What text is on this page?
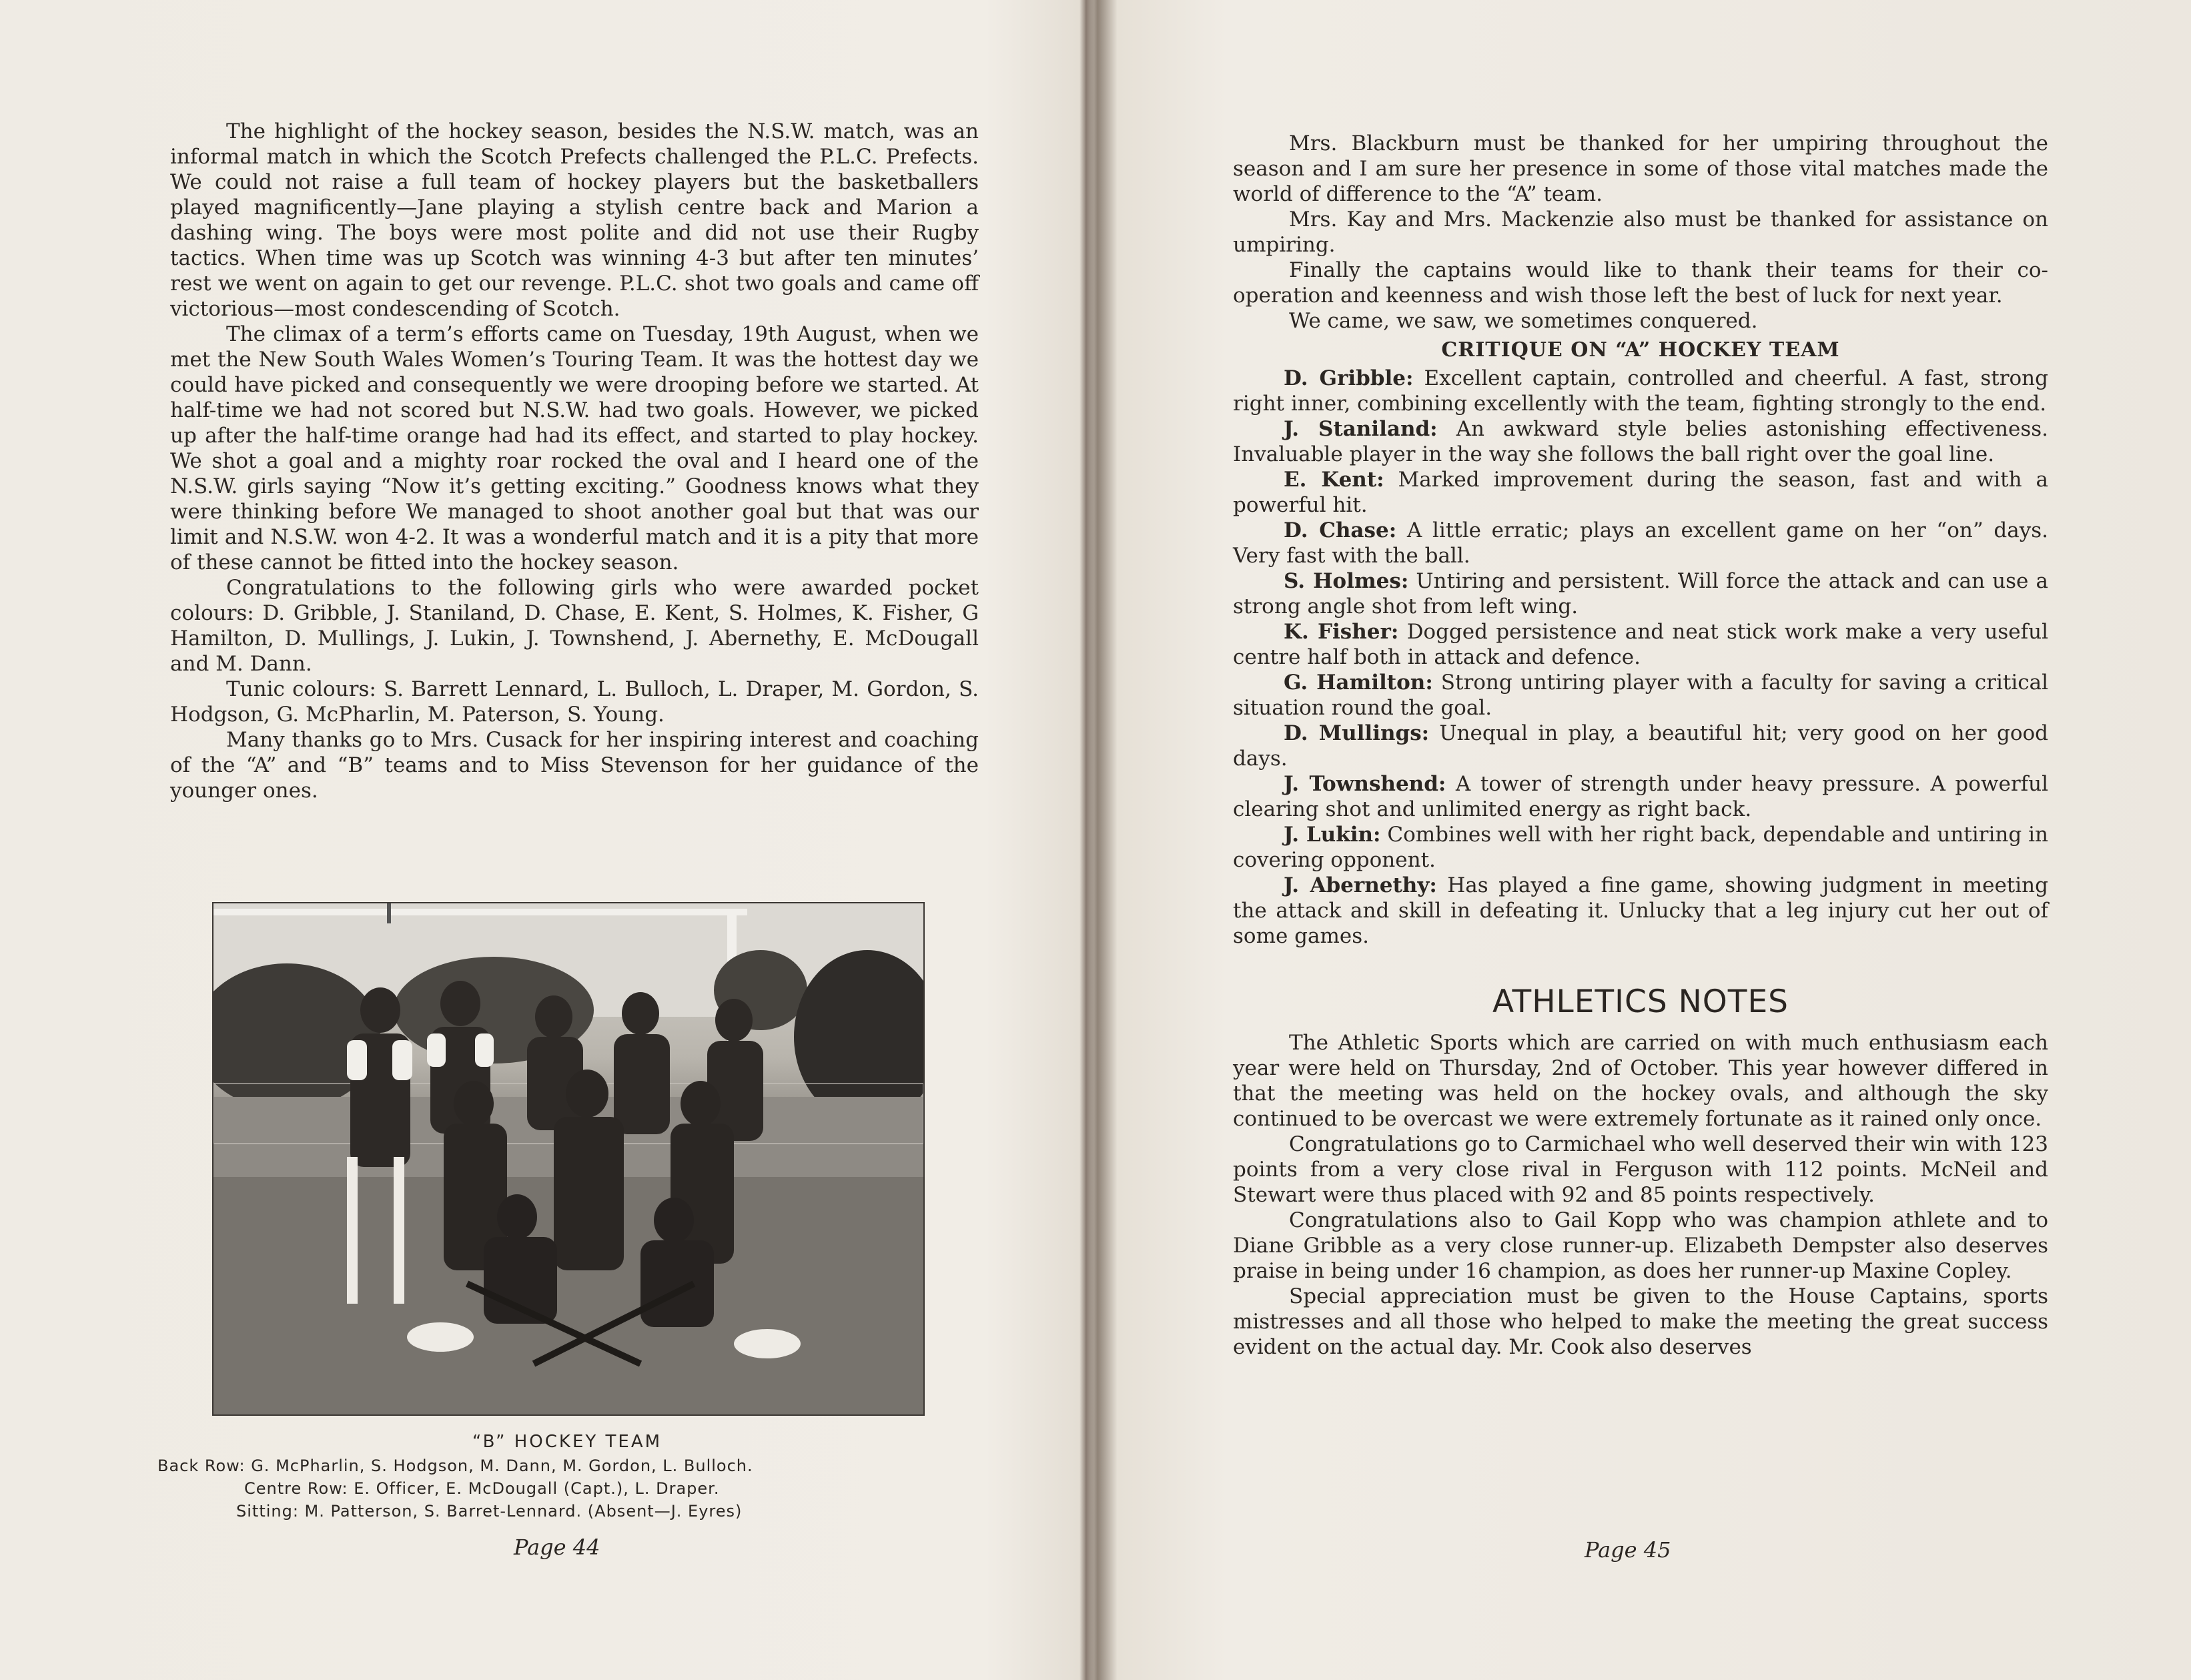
The highlight of the hockey season, besides the N.S.W. match, was an informal match in which the Scotch Prefects challenged the P.L.C. Prefects. We could not raise a full team of hockey players but the basketballers played magnificently—Jane playing a stylish centre back and Marion a dashing wing. The boys were most polite and did not use their Rugby tactics. When time was up Scotch was winning 4-3 but after ten minutes’ rest we went on again to get our revenge. P.L.C. shot two goals and came off victorious—most condescending of Scotch.

The climax of a term’s efforts came on Tuesday, 19th August, when we met the New South Wales Women’s Touring Team. It was the hottest day we could have picked and consequently we were drooping before we started. At half-time we had not scored but N.S.W. had two goals. However, we picked up after the half-time orange had had its effect, and started to play hockey. We shot a goal and a mighty roar rocked the oval and I heard one of the N.S.W. girls saying “Now it’s getting exciting.” Goodness knows what they were thinking before We managed to shoot another goal but that was our limit and N.S.W. won 4-2. It was a wonderful match and it is a pity that more of these cannot be fitted into the hockey season.

Congratulations to the following girls who were awarded pocket colours: D. Gribble, J. Staniland, D. Chase, E. Kent, S. Holmes, K. Fisher, G Hamilton, D. Mullings, J. Lukin, J. Townshend, J. Abernethy, E. McDougall and M. Dann.

Tunic colours: S. Barrett Lennard, L. Bulloch, L. Draper, M. Gordon, S. Hodgson, G. McPharlin, M. Paterson, S. Young.

Many thanks go to Mrs. Cusack for her inspiring interest and coaching of the “A” and “B” teams and to Miss Stevenson for her guidance of the younger ones.

“B” HOCKEY TEAM
Back Row: G. McPharlin, S. Hodgson, M. Dann, M. Gordon, L. Bulloch.
Centre Row: E. Officer, E. McDougall (Capt.), L. Draper.
Sitting: M. Patterson, S. Barret-Lennard. (Absent—J. Eyres)
Page 44

Mrs. Blackburn must be thanked for her umpiring throughout the season and I am sure her presence in some of those vital matches made the world of difference to the “A” team.

Mrs. Kay and Mrs. Mackenzie also must be thanked for assistance on umpiring.

Finally the captains would like to thank their teams for their co-operation and keenness and wish those left the best of luck for next year.

We came, we saw, we sometimes conquered.

CRITIQUE ON “A” HOCKEY TEAM

D. Gribble: Excellent captain, controlled and cheerful. A fast, strong right inner, combining excellently with the team, fighting strongly to the end.

J. Staniland: An awkward style belies astonishing effectiveness. Invaluable player in the way she follows the ball right over the goal line.

E. Kent: Marked improvement during the season, fast and with a powerful hit.

D. Chase: A little erratic; plays an excellent game on her “on” days. Very fast with the ball.

S. Holmes: Untiring and persistent. Will force the attack and can use a strong angle shot from left wing.

K. Fisher: Dogged persistence and neat stick work make a very useful centre half both in attack and defence.

G. Hamilton: Strong untiring player with a faculty for saving a critical situation round the goal.

D. Mullings: Unequal in play, a beautiful hit; very good on her good days.

J. Townshend: A tower of strength under heavy pressure. A powerful clearing shot and unlimited energy as right back.

J. Lukin: Combines well with her right back, dependable and untiring in covering opponent.

J. Abernethy: Has played a fine game, showing judgment in meeting the attack and skill in defeating it. Unlucky that a leg injury cut her out of some games.

ATHLETICS NOTES

The Athletic Sports which are carried on with much enthusiasm each year were held on Thursday, 2nd of October. This year however differed in that the meeting was held on the hockey ovals, and although the sky continued to be overcast we were extremely fortunate as it rained only once.

Congratulations go to Carmichael who well deserved their win with 123 points from a very close rival in Ferguson with 112 points. McNeil and Stewart were thus placed with 92 and 85 points respectively.

Congratulations also to Gail Kopp who was champion athlete and to Diane Gribble as a very close runner-up. Elizabeth Dempster also deserves praise in being under 16 champion, as does her runner-up Maxine Copley.

Special appreciation must be given to the House Captains, sports mistresses and all those who helped to make the meeting the great success evident on the actual day. Mr. Cook also deserves

Page 45
